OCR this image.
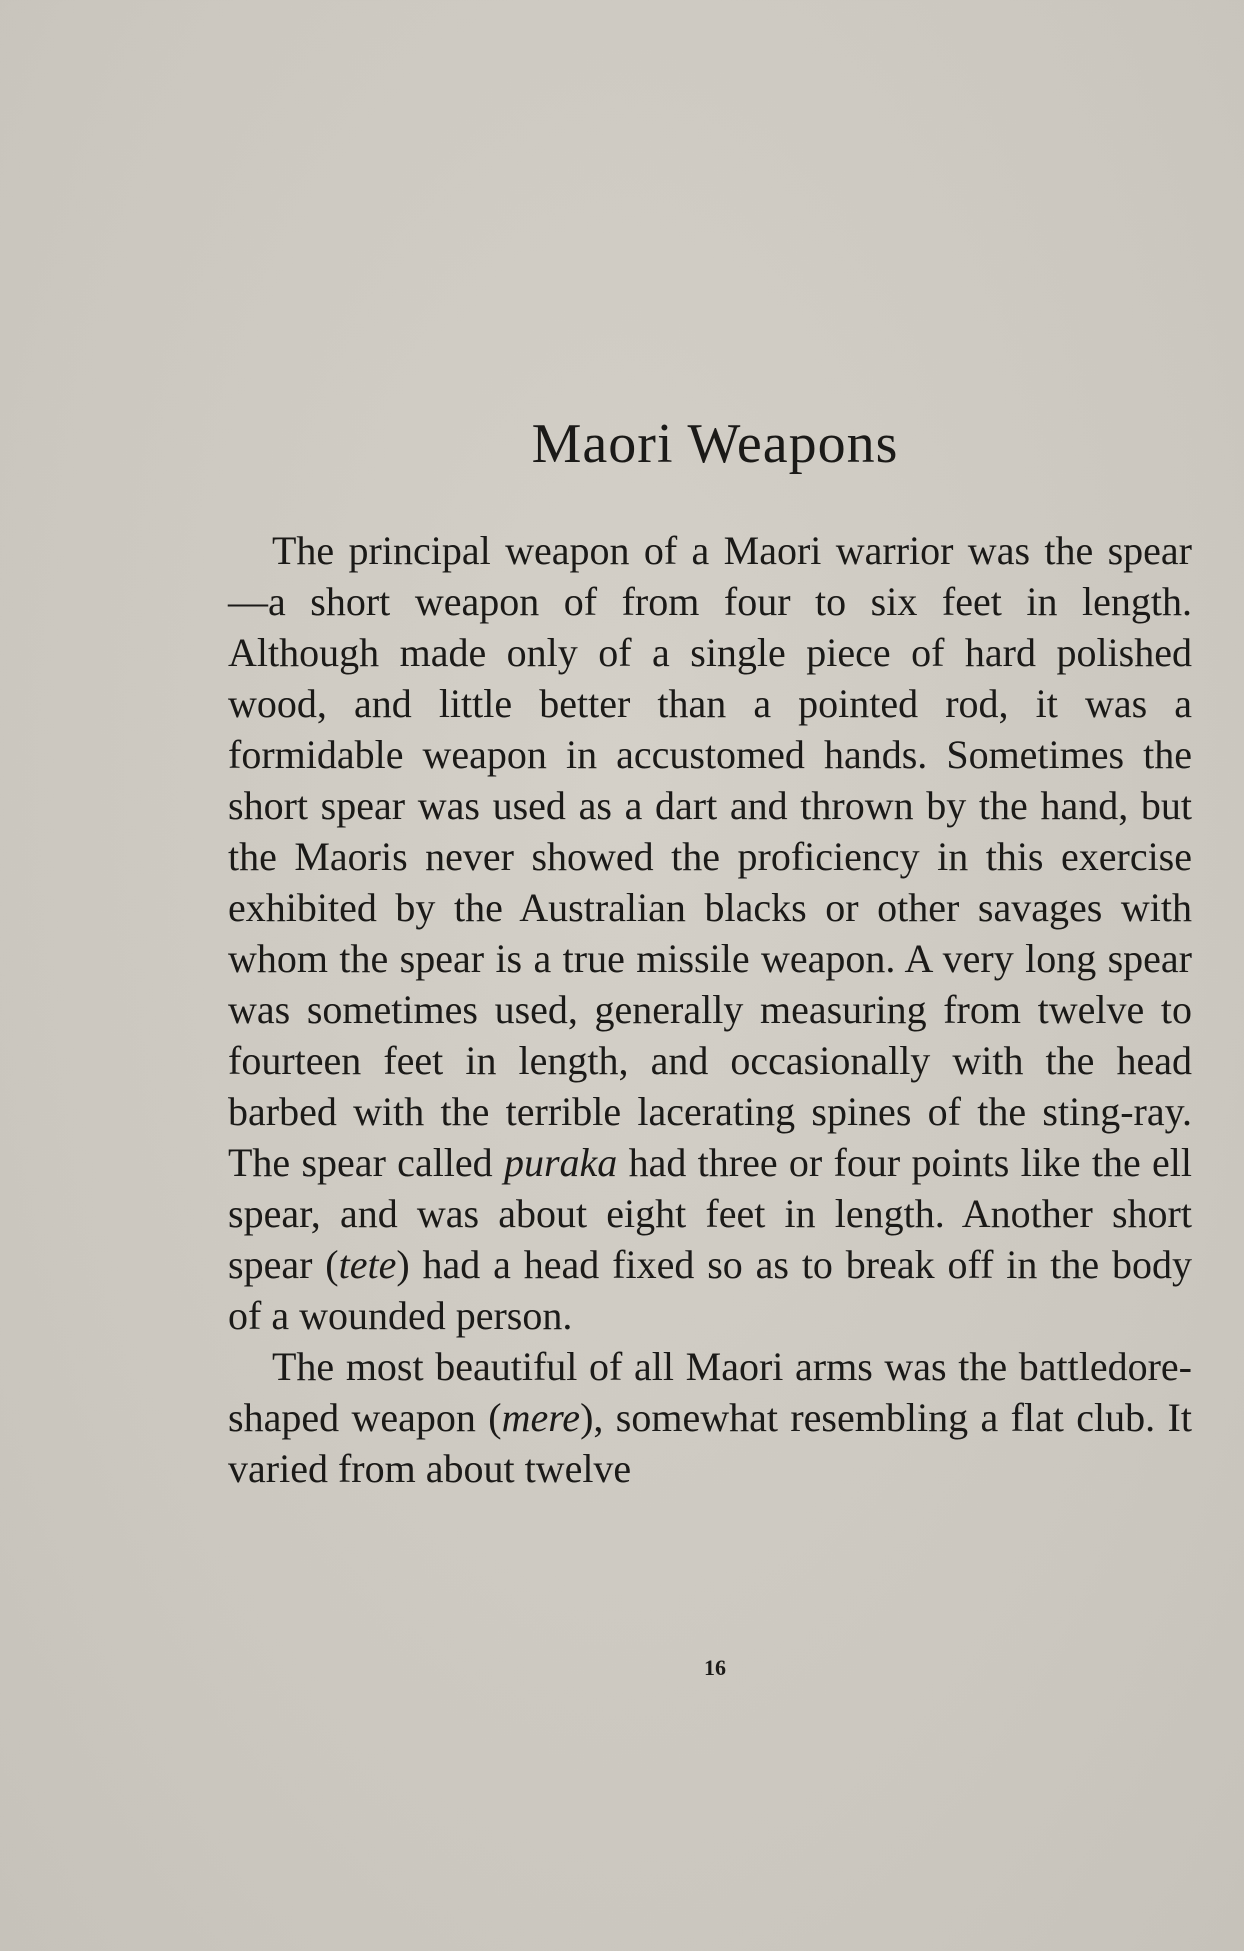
Maori Weapons

The principal weapon of a Maori warrior was the spear—a short weapon of from four to six feet in length. Although made only of a single piece of hard polished wood, and little better than a pointed rod, it was a formidable weapon in accustomed hands. Sometimes the short spear was used as a dart and thrown by the hand, but the Maoris never showed the proficiency in this exercise exhibited by the Australian blacks or other savages with whom the spear is a true missile weapon. A very long spear was sometimes used, generally measuring from twelve to fourteen feet in length, and occasionally with the head barbed with the terrible lacerating spines of the sting-ray. The spear called puraka had three or four points like the ell spear, and was about eight feet in length. Another short spear (tete) had a head fixed so as to break off in the body of a wounded person.

The most beautiful of all Maori arms was the battledore-shaped weapon (mere), somewhat resembling a flat club. It varied from about twelve

16
